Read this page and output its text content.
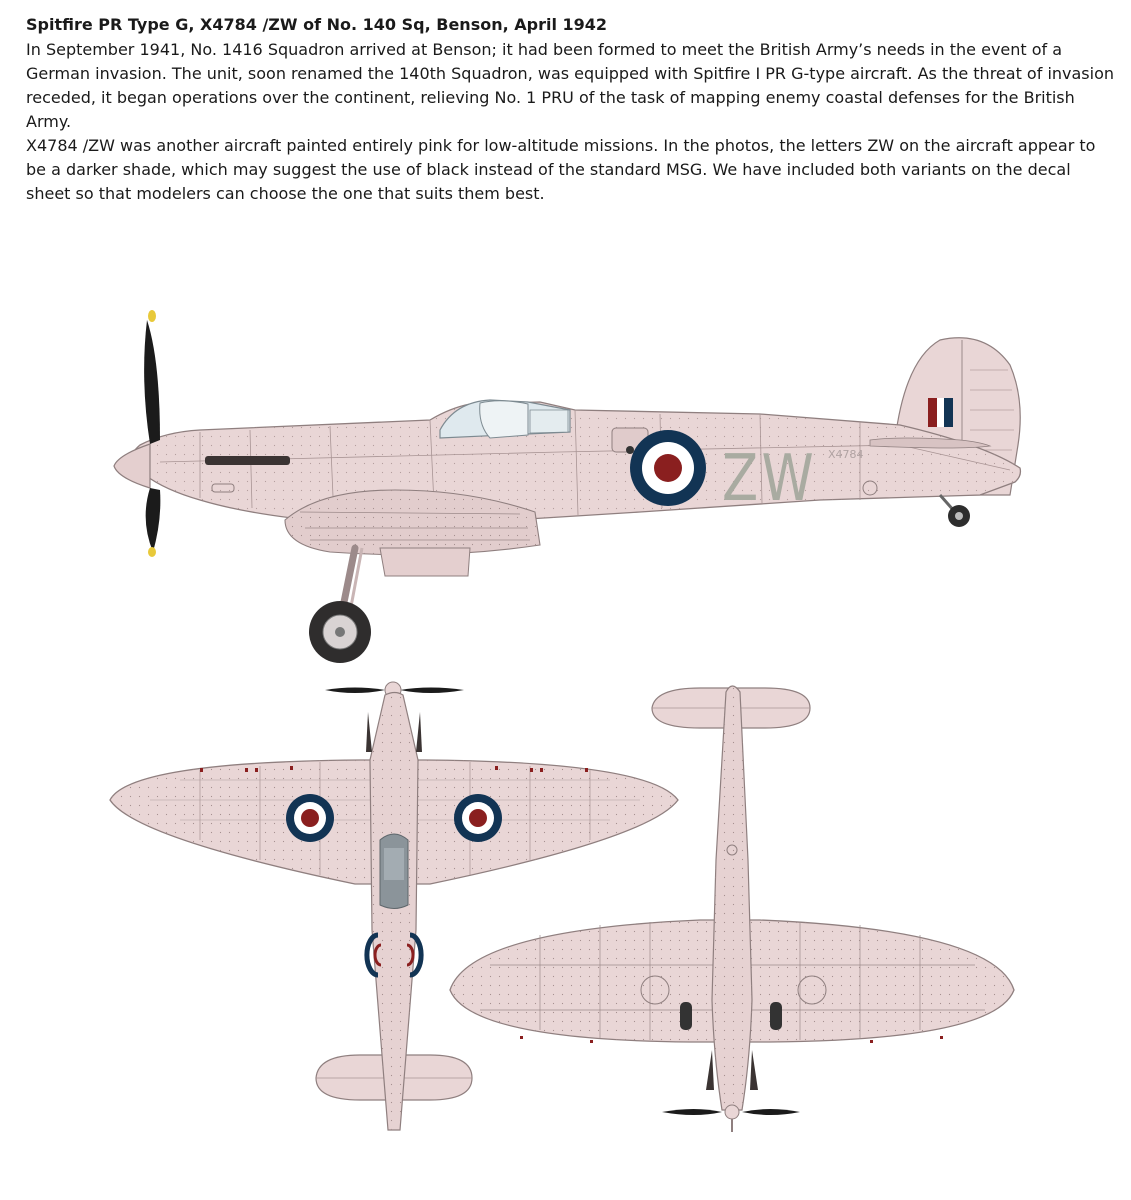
Spitfire PR Type G, X4784 /ZW of No. 140 Sq, Benson, April 1942

In September 1941, No. 1416 Squadron arrived at Benson; it had been formed to meet the British Army’s needs in the event of a German invasion. The unit, soon renamed the 140th Squadron, was equipped with Spitfire I PR G-type aircraft. As the threat of invasion receded, it began operations over the continent, relieving No. 1 PRU of the task of mapping enemy coastal defenses for the British Army.

X4784 /ZW was another aircraft painted entirely pink for low-altitude missions. In the photos, the letters ZW on the aircraft appear to be a darker shade, which may suggest the use of black instead of the standard MSG. We have included both variants on the decal sheet so that modelers can choose the one that suits them best.

ZW X4784
